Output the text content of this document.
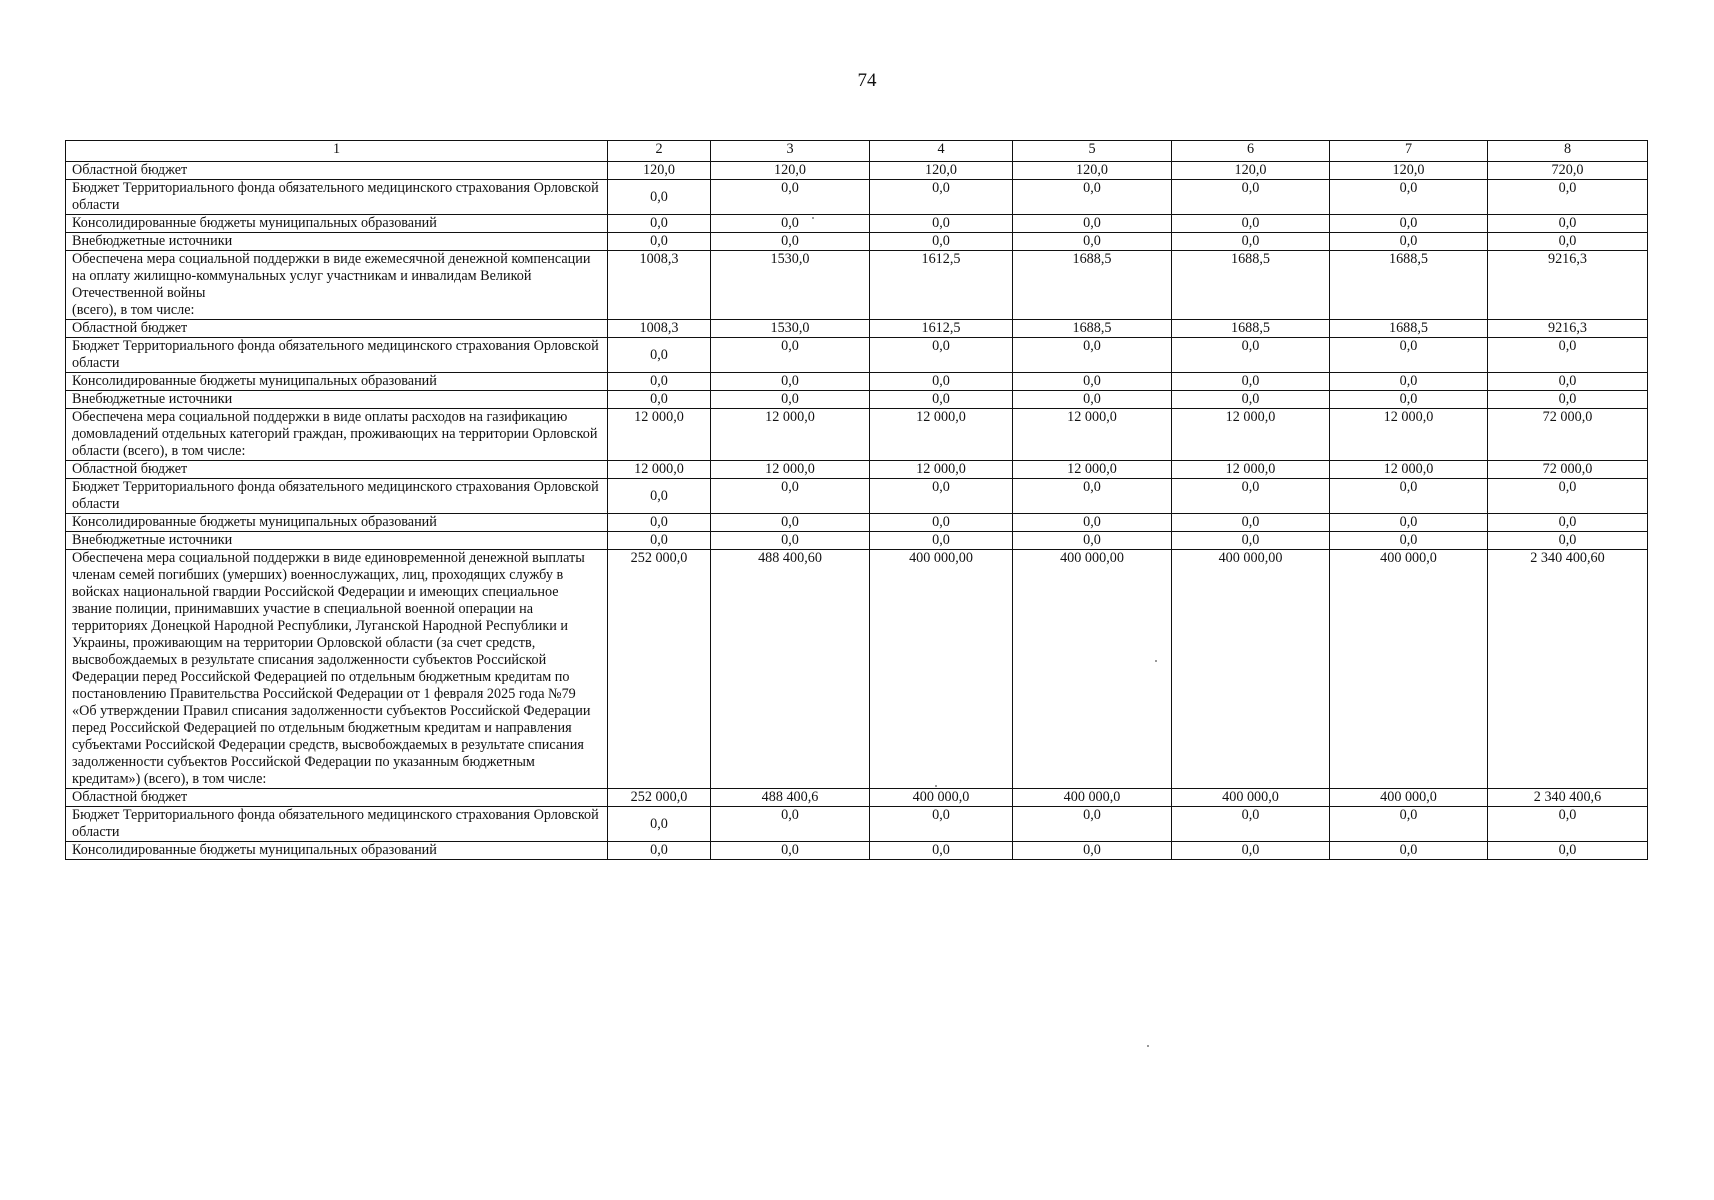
74
1	2	3	4	5	6	7	8
Областной бюджет	120,0	120,0	120,0	120,0	120,0	120,0	720,0
Бюджет Территориального фонда обязательного медицинского страхования Орловской области	0,0	0,0	0,0	0,0	0,0	0,0	0,0
Консолидированные бюджеты муниципальных образований	0,0	0,0	0,0	0,0	0,0	0,0	0,0
Внебюджетные источники	0,0	0,0	0,0	0,0	0,0	0,0	0,0
Обеспечена мера социальной поддержки в виде ежемесячной денежной компенсации на оплату жилищно-коммунальных услуг участникам и инвалидам Великой Отечественной войны
(всего), в том числе:	1008,3	1530,0	1612,5	1688,5	1688,5	1688,5	9216,3
Областной бюджет	1008,3	1530,0	1612,5	1688,5	1688,5	1688,5	9216,3
Бюджет Территориального фонда обязательного медицинского страхования Орловской области	0,0	0,0	0,0	0,0	0,0	0,0	0,0
Консолидированные бюджеты муниципальных образований	0,0	0,0	0,0	0,0	0,0	0,0	0,0
Внебюджетные источники	0,0	0,0	0,0	0,0	0,0	0,0	0,0
Обеспечена мера социальной поддержки в виде оплаты расходов на газификацию домовладений отдельных категорий граждан, проживающих на территории Орловской области (всего), в том числе:	12 000,0	12 000,0	12 000,0	12 000,0	12 000,0	12 000,0	72 000,0
Областной бюджет	12 000,0	12 000,0	12 000,0	12 000,0	12 000,0	12 000,0	72 000,0
Бюджет Территориального фонда обязательного медицинского страхования Орловской области	0,0	0,0	0,0	0,0	0,0	0,0	0,0
Консолидированные бюджеты муниципальных образований	0,0	0,0	0,0	0,0	0,0	0,0	0,0
Внебюджетные источники	0,0	0,0	0,0	0,0	0,0	0,0	0,0
Обеспечена мера социальной поддержки в виде единовременной денежной выплаты членам семей погибших (умерших) военнослужащих, лиц, проходящих службу в войсках национальной гвардии Российской Федерации и имеющих специальное звание полиции, принимавших участие в специальной военной операции на территориях Донецкой Народной Республики, Луганской Народной Республики и Украины, проживающим на территории Орловской области (за счет средств, высвобождаемых в результате списания задолженности субъектов Российской Федерации перед Российской Федерацией по отдельным бюджетным кредитам по постановлению Правительства Российской Федерации от 1 февраля 2025 года №79 «Об утверждении Правил списания задолженности субъектов Российской Федерации перед Российской Федерацией по отдельным бюджетным кредитам и направления субъектами Российской Федерации средств, высвобождаемых в результате списания задолженности субъектов Российской Федерации по указанным бюджетным кредитам») (всего), в том числе:	252 000,0	488 400,60	400 000,00	400 000,00	400 000,00	400 000,0	2 340 400,60
Областной бюджет	252 000,0	488 400,6	400 000,0	400 000,0	400 000,0	400 000,0	2 340 400,6
Бюджет Территориального фонда обязательного медицинского страхования Орловской области	0,0	0,0	0,0	0,0	0,0	0,0	0,0
Консолидированные бюджеты муниципальных образований	0,0	0,0	0,0	0,0	0,0	0,0	0,0
